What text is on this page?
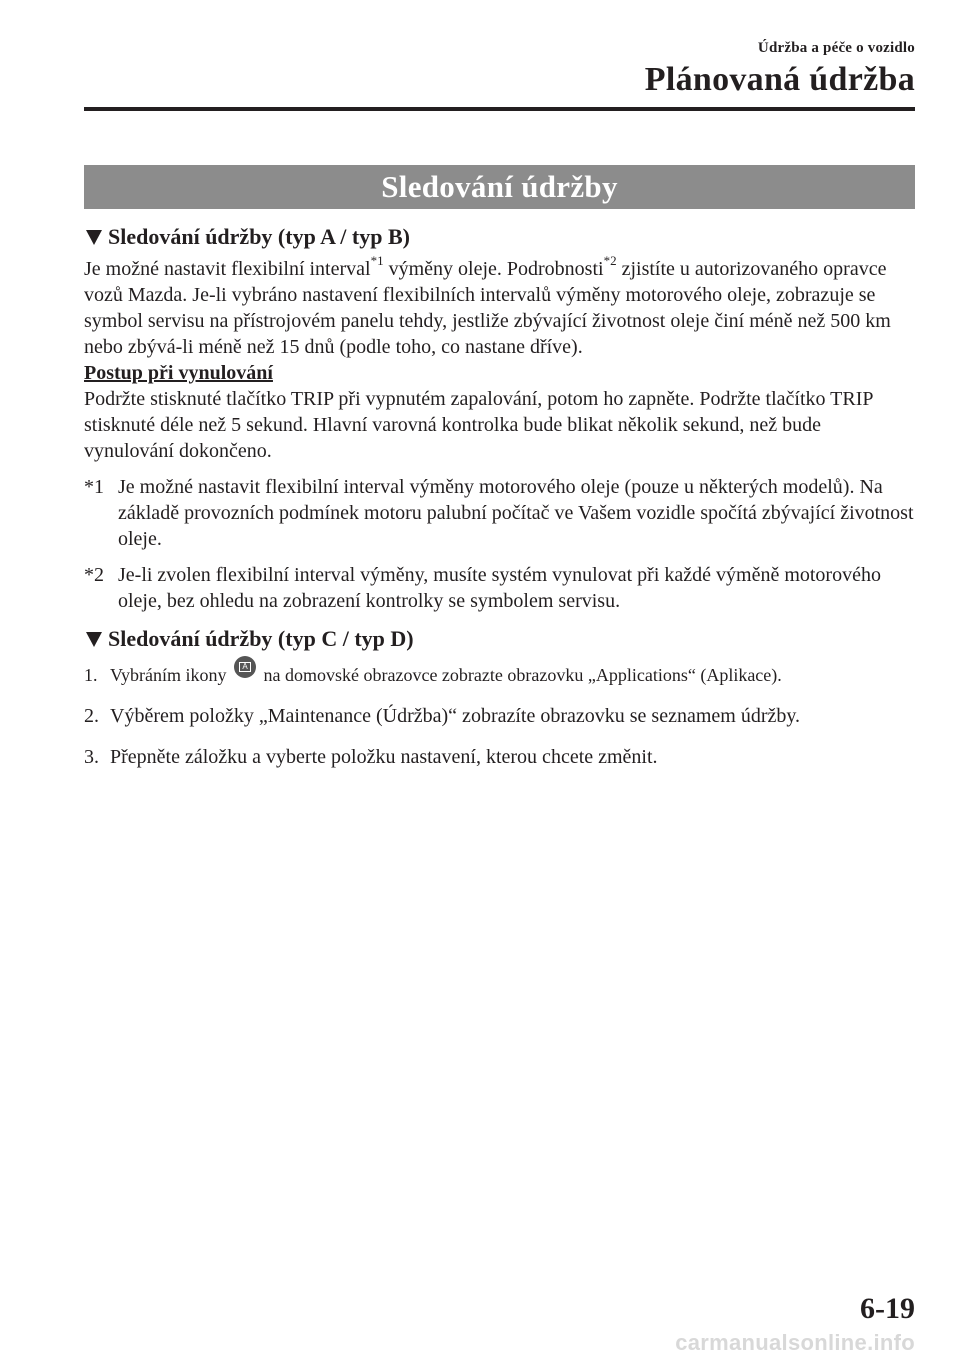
Údržba a péče o vozidlo
Plánovaná údržba
Sledování údržby
Sledování údržby (typ A / typ B)

Je možné nastavit flexibilní interval$^{*1}$ výměny oleje. Podrobnosti$^{*2}$ zjistíte u autorizovaného opravce vozů Mazda. Je-li vybráno nastavení flexibilních intervalů výměny motorového oleje, zobrazuje se symbol servisu na přístrojovém panelu tehdy, jestliže zbývající životnost oleje činí méně než 500 km nebo zbývá-li méně než 15 dnů (podle toho, co nastane dříve).

Postup při vynulování

Podržte stisknuté tlačítko TRIP při vypnutém zapalování, potom ho zapněte. Podržte tlačítko TRIP stisknuté déle než 5 sekund. Hlavní varovná kontrolka bude blikat několik sekund, než bude vynulování dokončeno.

*1 Je možné nastavit flexibilní interval výměny motorového oleje (pouze u některých modelů). Na základě provozních podmínek motoru palubní počítač ve Vašem vozidle spočítá zbývající životnost oleje.
*2 Je-li zvolen flexibilní interval výměny, musíte systém vynulovat při každé výměně motorového oleje, bez ohledu na zobrazení kontrolky se symbolem servisu.
Sledování údržby (typ C / typ D)
1. Vybráním ikony A na domovské obrazovce zobrazte obrazovku „Applications“ (Aplikace).
2. Výběrem položky „Maintenance (Údržba)“ zobrazíte obrazovku se seznamem údržby.
3. Přepněte záložku a vyberte položku nastavení, kterou chcete změnit.
6-19
carmanualsonline.info
